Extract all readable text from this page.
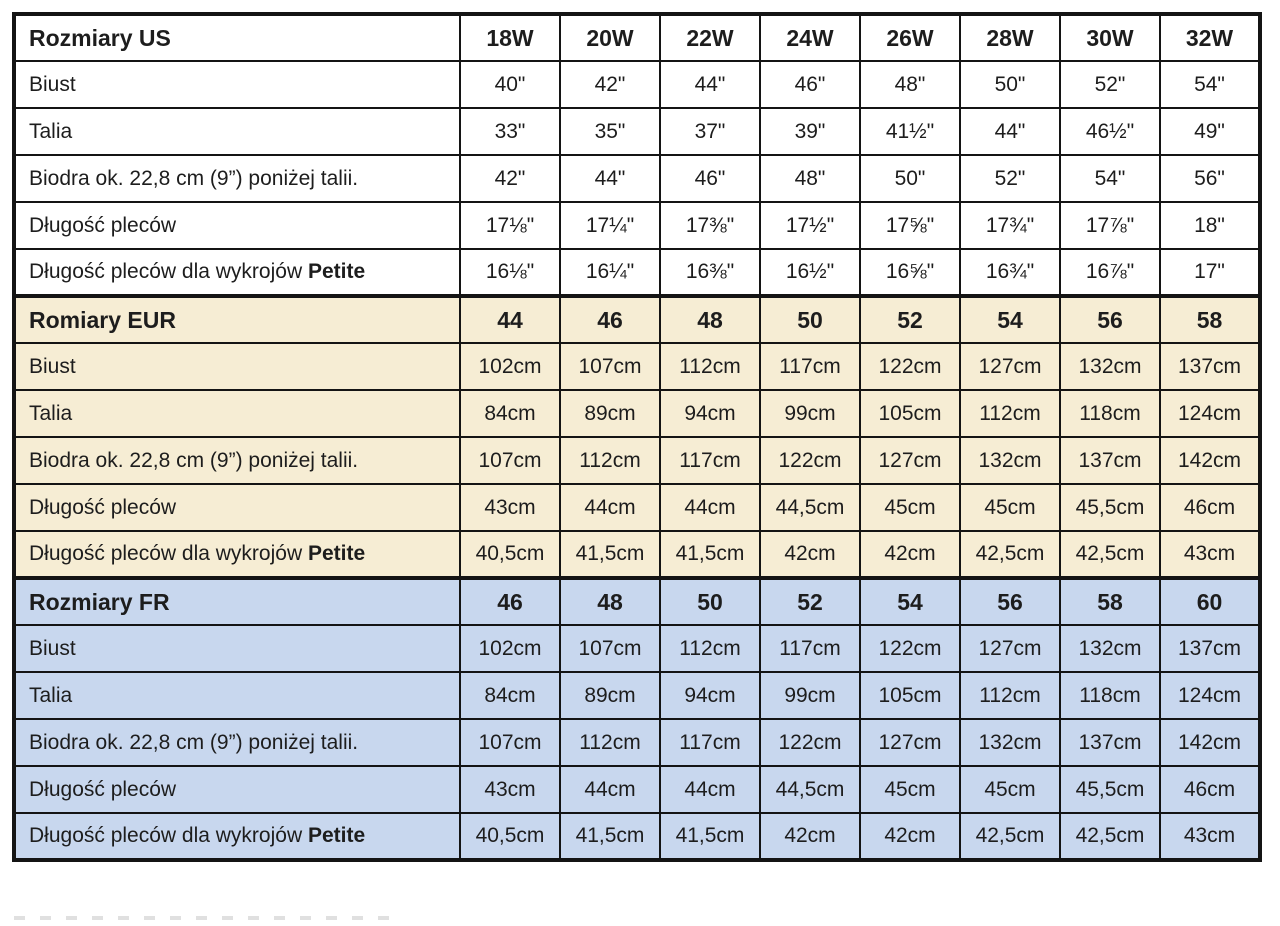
Rozmiary US	18W	20W	22W	24W	26W	28W	30W	32W
Biust	40"	42"	44"	46"	48"	50"	52"	54"
Talia	33"	35"	37"	39"	41½"	44"	46½"	49"
Biodra ok. 22,8 cm (9”) poniżej talii.	42"	44"	46"	48"	50"	52"	54"	56"
Długość pleców	17⅛"	17¼"	17⅜"	17½"	17⅝"	17¾"	17⅞"	18"
Długość pleców dla wykrojów Petite	16⅛"	16¼"	16⅜"	16½"	16⅝"	16¾"	16⅞"	17"
Romiary EUR	44	46	48	50	52	54	56	58
Biust	102cm	107cm	112cm	117cm	122cm	127cm	132cm	137cm
Talia	84cm	89cm	94cm	99cm	105cm	112cm	118cm	124cm
Biodra ok. 22,8 cm (9”) poniżej talii.	107cm	112cm	117cm	122cm	127cm	132cm	137cm	142cm
Długość pleców	43cm	44cm	44cm	44,5cm	45cm	45cm	45,5cm	46cm
Długość pleców dla wykrojów Petite	40,5cm	41,5cm	41,5cm	42cm	42cm	42,5cm	42,5cm	43cm
Rozmiary FR	46	48	50	52	54	56	58	60
Biust	102cm	107cm	112cm	117cm	122cm	127cm	132cm	137cm
Talia	84cm	89cm	94cm	99cm	105cm	112cm	118cm	124cm
Biodra ok. 22,8 cm (9”) poniżej talii.	107cm	112cm	117cm	122cm	127cm	132cm	137cm	142cm
Długość pleców	43cm	44cm	44cm	44,5cm	45cm	45cm	45,5cm	46cm
Długość pleców dla wykrojów Petite	40,5cm	41,5cm	41,5cm	42cm	42cm	42,5cm	42,5cm	43cm
